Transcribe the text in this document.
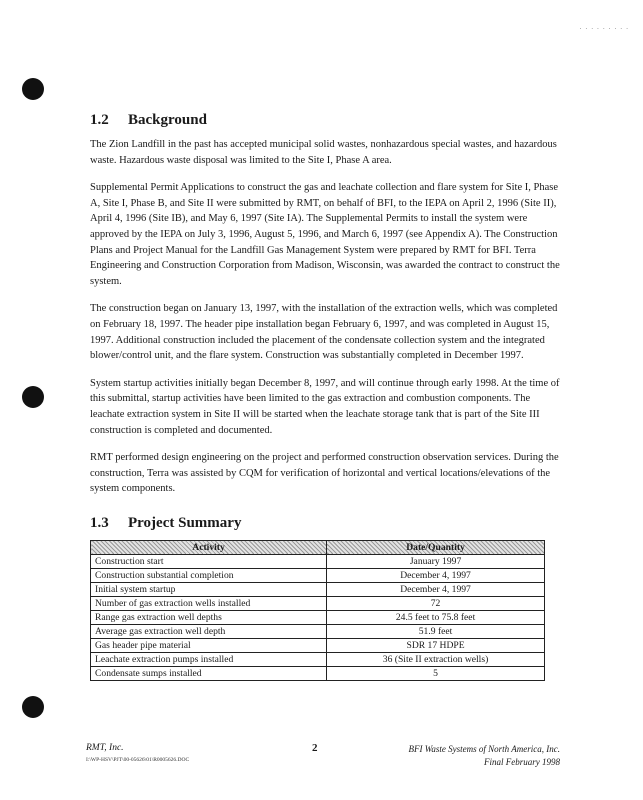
· · · · · · · · ·
1.2	Background

The Zion Landfill in the past has accepted municipal solid wastes, nonhazardous special wastes, and hazardous waste. Hazardous waste disposal was limited to the Site I, Phase A area.

Supplemental Permit Applications to construct the gas and leachate collection and flare system for Site I, Phase A, Site I, Phase B, and Site II were submitted by RMT, on behalf of BFI, to the IEPA on April 2, 1996 (Site II), April 4, 1996 (Site IB), and May 6, 1997 (Site IA). The Supplemental Permits to install the system were approved by the IEPA on July 3, 1996, August 5, 1996, and March 6, 1997 (see Appendix A). The Construction Plans and Project Manual for the Landfill Gas Management System were prepared by RMT for BFI. Terra Engineering and Construction Corporation from Madison, Wisconsin, was awarded the contract to construct the system.

The construction began on January 13, 1997, with the installation of the extraction wells, which was completed on February 18, 1997. The header pipe installation began February 6, 1997, and was completed in August 15, 1997. Additional construction included the placement of the condensate collection system and the integrated blower/control unit, and the flare system. Construction was substantially completed in December 1997.

System startup activities initially began December 8, 1997, and will continue through early 1998. At the time of this submittal, startup activities have been limited to the gas extraction and combustion components. The leachate extraction system in Site II will be started when the leachate storage tank that is part of the Site III construction is completed and documented.

RMT performed design engineering on the project and performed construction observation services. During the construction, Terra was assisted by CQM for verification of horizontal and vertical locations/elevations of the system components.

1.3	Project Summary
Activity	Date/Quantity
Construction start	January 1997
Construction substantial completion	December 4, 1997
Initial system startup	December 4, 1997
Number of gas extraction wells installed	72
Range gas extraction well depths	24.5 feet to 75.8 feet
Average gas extraction well depth	51.9 feet
Gas header pipe material	SDR 17 HDPE
Leachate extraction pumps installed	36 (Site II extraction wells)
Condensate sumps installed	5
RMT, Inc.
I:\WP-HSV\PJT\00-05626\01\R0005626.DOC
2	BFI Waste Systems of North America, Inc.
Final February 1998
